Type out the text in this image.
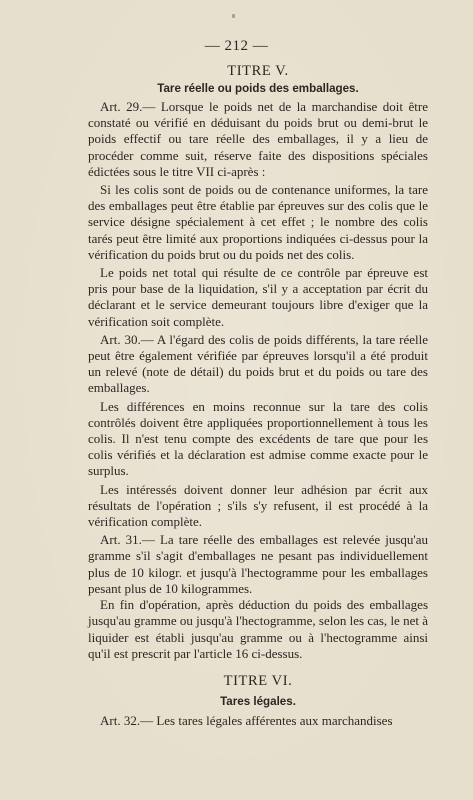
— 212 —
TITRE V.
Tare réelle ou poids des emballages.

Art. 29.— Lorsque le poids net de la marchandise doit être constaté ou vérifié en déduisant du poids brut ou demi-brut le poids effectif ou tare réelle des emballages, il y a lieu de procéder comme suit, réserve faite des dispositions spéciales édictées sous le titre VII ci-après :

Si les colis sont de poids ou de contenance uniformes, la tare des emballages peut être établie par épreuves sur des colis que le service désigne spécialement à cet effet ; le nombre des colis tarés peut être limité aux proportions indiquées ci-dessus pour la vérification du poids brut ou du poids net des colis.

Le poids net total qui résulte de ce contrôle par épreuve est pris pour base de la liquidation, s'il y a acceptation par écrit du déclarant et le service demeurant toujours libre d'exiger que la vérification soit complète.

Art. 30.— A l'égard des colis de poids différents, la tare réelle peut être également vérifiée par épreuves lorsqu'il a été produit un relevé (note de détail) du poids brut et du poids ou tare des emballages.

Les différences en moins reconnue sur la tare des colis contrôlés doivent être appliquées proportionnellement à tous les colis. Il n'est tenu compte des excédents de tare que pour les colis vérifiés et la déclaration est admise comme exacte pour le surplus.

Les intéressés doivent donner leur adhésion par écrit aux résultats de l'opération ; s'ils s'y refusent, il est procédé à la vérification complète.

Art. 31.— La tare réelle des emballages est relevée jusqu'au gramme s'il s'agit d'emballages ne pesant pas individuellement plus de 10 kilogr. et jusqu'à l'hectogramme pour les emballages pesant plus de 10 kilogrammes.

En fin d'opération, après déduction du poids des emballages jusqu'au gramme ou jusqu'à l'hectogramme, selon les cas, le net à liquider est établi jusqu'au gramme ou à l'hectogramme ainsi qu'il est prescrit par l'article 16 ci-dessus.

TITRE VI.
Tares légales.

Art. 32.— Les tares légales afférentes aux marchandises
